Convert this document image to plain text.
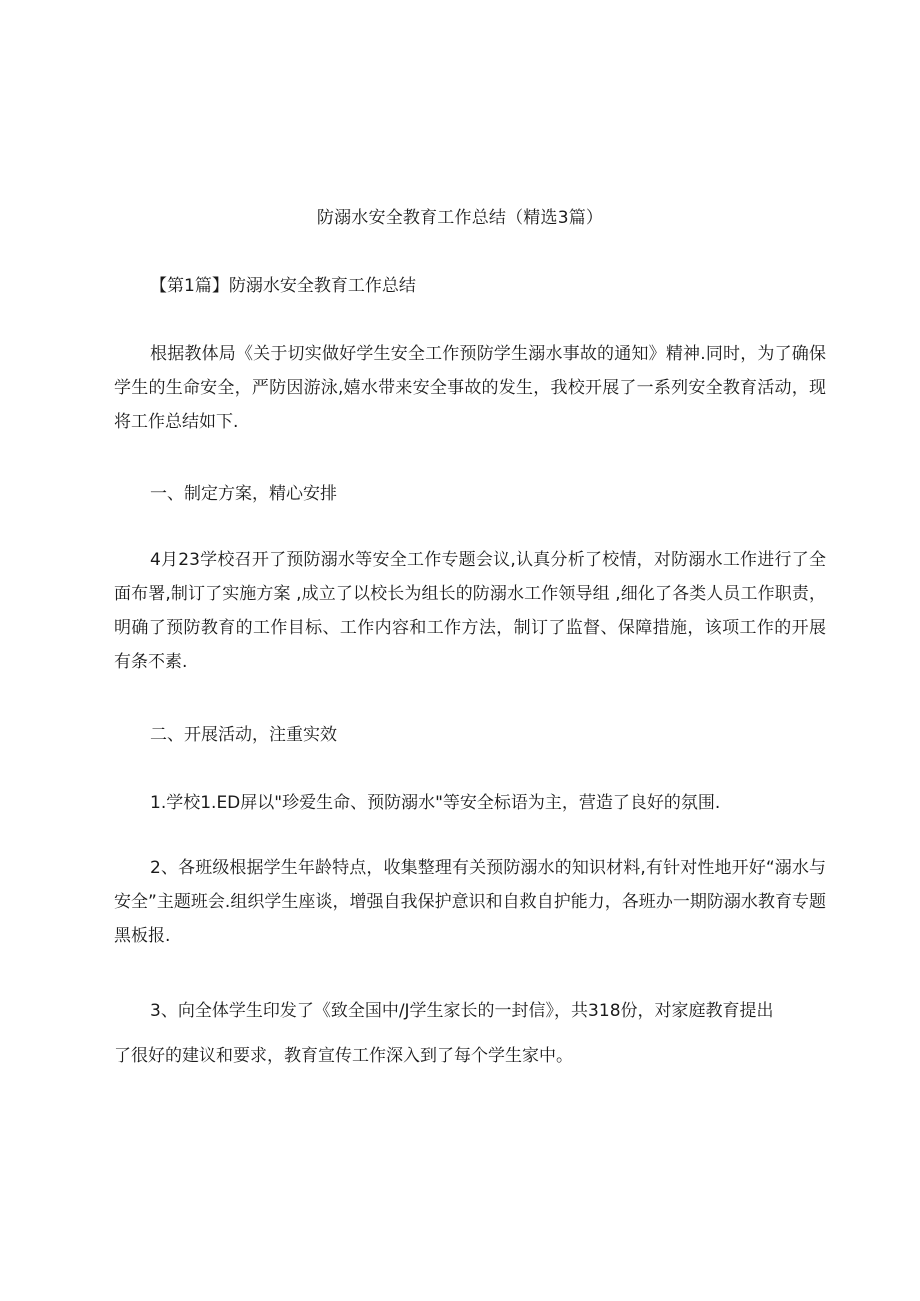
防溺水安全教育工作总结（精选3篇）
【第1篇】防溺水安全教育工作总结

根据教体局《关于切实做好学生安全工作预防学生溺水事故的通知》精神.同时，为了确保学生的生命安全，严防因游泳,嬉水带来安全事故的发生，我校开展了一系列安全教育活动，现将工作总结如下.

一、制定方案，精心安排

4月23学校召开了预防溺水等安全工作专题会议,认真分析了校情，对防溺水工作进行了全面布署,制订了实施方案 ,成立了以校长为组长的防溺水工作领导组 ,细化了各类人员工作职责，明确了预防教育的工作目标、工作内容和工作方法，制订了监督、保障措施，该项工作的开展有条不素.

二、开展活动，注重实效
1.学校1.ED屏以"珍爱生命、预防溺水"等安全标语为主，营造了良好的氛围.

2、各班级根据学生年龄特点，收集整理有关预防溺水的知识材料,有针对性地开好“溺水与安全”主题班会.组织学生座谈，增强自我保护意识和自救自护能力，各班办一期防溺水教育专题黑板报.

3、向全体学生印发了《致全国中/J学生家长的一封信》，共318份，对家庭教育提出
了很好的建议和要求，教育宣传工作深入到了每个学生家中。
